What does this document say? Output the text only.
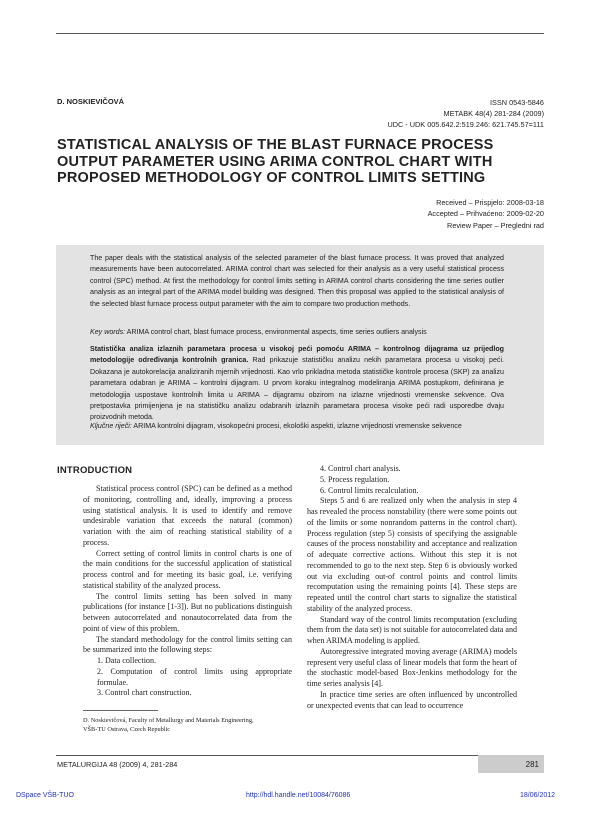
D. NOSKIEVIČOVÁ	ISSN 0543-5846
METABK 48(4) 281-284 (2009)
UDC - UDK 005.642.2:519.246: 621.745.57=111
STATISTICAL ANALYSIS OF THE BLAST FURNACE PROCESS
OUTPUT PARAMETER USING ARIMA CONTROL CHART WITH
PROPOSED METHODOLOGY OF CONTROL LIMITS SETTING
Received – Prispjelo: 2008-03-18
Accepted – Prihvaćeno: 2009-02-20
Review Paper – Pregledni rad

The paper deals with the statistical analysis of the selected parameter of the blast furnace process. It was proved that analyzed measurements have been autocorrelated. ARIMA control chart was selected for their analysis as a very useful statistical process control (SPC) method. At first the methodology for control limits setting in ARIMA control charts considering the time series outlier analysis as an integral part of the ARIMA model building was designed. Then this proposal was applied to the statistical analysis of the selected blast furnace process output parameter with the aim to compare two production methods.

Key words: ARIMA control chart, blast furnace process, environmental aspects, time series outliers analysis

Statistička analiza izlaznih parametara procesa u visokoj peći pomoću ARIMA – kontrolnog dijagrama uz prijedlog metodologije određivanja kontrolnih granica. Rad prikazuje statističku analizu nekih parametara procesa u visokoj peći. Dokazana je autokorelacija analiziranih mjernih vrijednosti. Kao vrlo prikladna metoda statističke kontrole procesa (SKP) za analizu parametara odabran je ARIMA – kontrolni dijagram. U prvom koraku integralnog modeliranja ARIMA postupkom, definirana je metodologija uspostave kontrolnih limita u ARIMA – dijagramu obzirom na izlazne vrijednosti vremenske sekvence. Ova pretpostavka primijenjena je na statističku analizu odabranih izlaznih parametara procesa visoke peći radi usporedbe dvaju proizvodnih metoda.

Ključne riječi: ARIMA kontrolni dijagram, visokopećni procesi, ekološki aspekti, izlazne vrijednosti vremenske sekvence

INTRODUCTION

Statistical process control (SPC) can be defined as a method of monitoring, controlling and, ideally, improving a process using statistical analysis. It is used to identify and remove undesirable variation that exceeds the natural (common) variation with the aim of reaching statistical stability of a process.

Correct setting of control limits in control charts is one of the main conditions for the successful application of statistical process control and for meeting its basic goal, i.e. verifying statistical stability of the analyzed process.

The control limits setting has been solved in many publications (for instance [1-3]). But no publications distinguish between autocorrelated and nonautocorrelated data from the point of view of this problem.

The standard methodology for the control limits setting can be summarized into the following steps:

1. Data collection.

2. Computation of control limits using appropriate formulae.

3. Control chart construction.

4. Control chart analysis.

5. Process regulation.

6. Control limits recalculation.

Steps 5 and 6 are realized only when the analysis in step 4 has revealed the process nonstability (there were some points out of the limits or some nonrandom patterns in the control chart). Process regulation (step 5) consists of specifying the assignable causes of the process nonstability and acceptance and realization of adequate corrective actions. Without this step it is not recommended to go to the next step. Step 6 is obviously worked out via excluding out-of control points and control limits recomputation using the remaining points [4]. These steps are repeated until the control chart starts to signalize the statistical stability of the analyzed process.

Standard way of the control limits recomputation (excluding them from the data set) is not suitable for autocorrelated data and when ARIMA modeling is applied.

Autoregressive integrated moving average (ARIMA) models represent very useful class of linear models that form the heart of the stochastic model-based Box-Jenkins methodology for the time series analysis [4].

In practice time series are often influenced by uncontrolled or unexpected events that can lead to occurrence

D. Noskievičová, Faculty of Metallurgy and Materials Engineering,
VŠB-TU Ostrava, Czech Republic
METALURGIJA 48 (2009) 4, 281-284	281
DSpace VŠB-TUO	http://hdl.handle.net/10084/76086	18/06/2012
